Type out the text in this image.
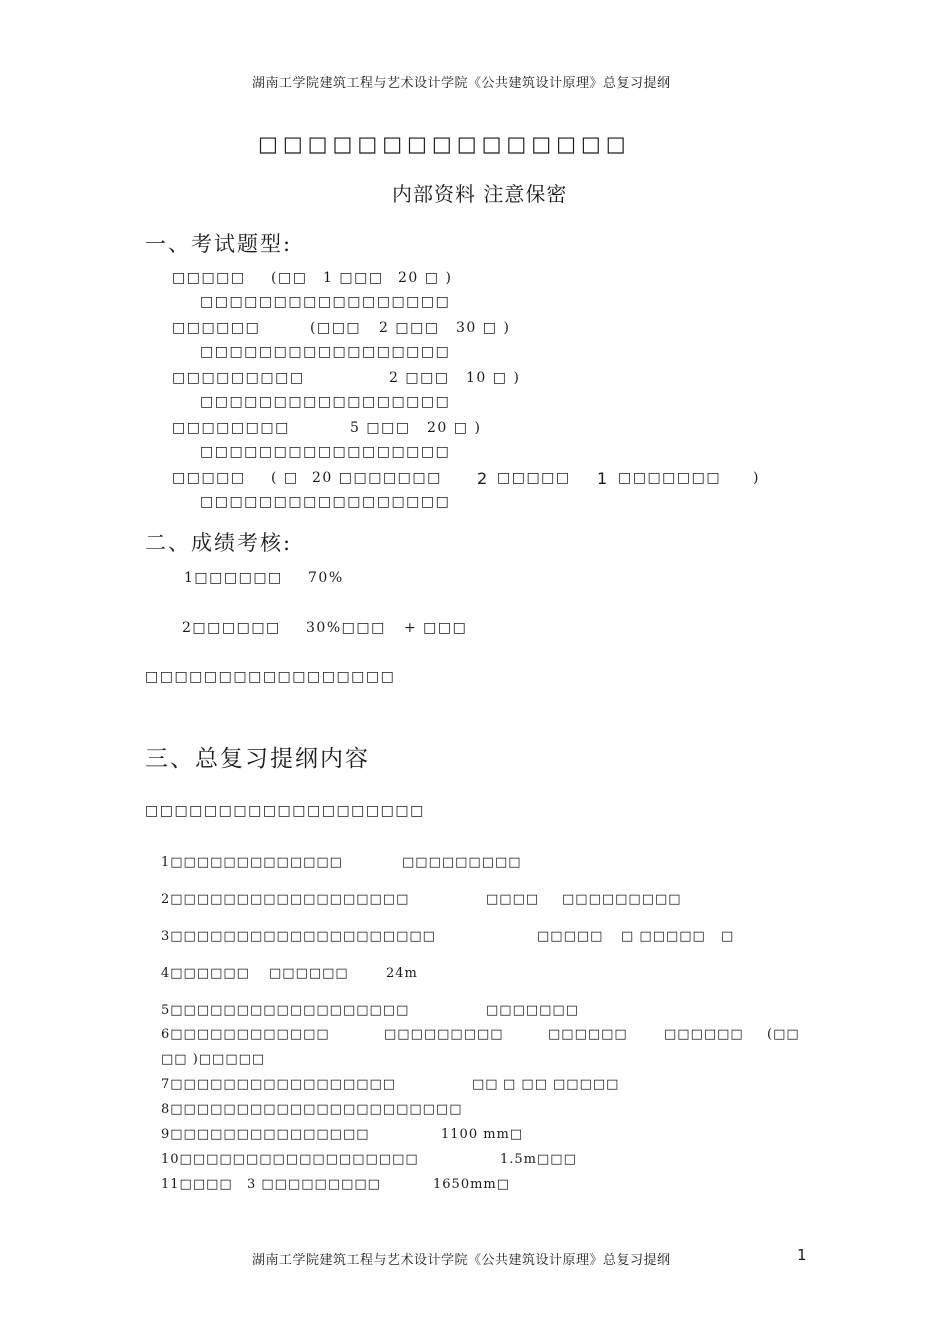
湖南工学院建筑工程与艺术设计学院《公共建筑设计原理》总复习提纲
□□□□□□□□□□□□□□□
内部资料 注意保密
一、考试题型:
□□□□□ (□□ 1 □□□ 20 □ )
□□□□□□□□□□□□□□□□□
□□□□□□	(□□□ 2 □□□ 30 □ )
□□□□□□□□□□□□□□□□□
□□□□□□□□□	2 □□□ 10 □ )
□□□□□□□□□□□□□□□□□
□□□□□□□□	5 □□□ 20 □ )
□□□□□□□□□□□□□□□□□
□□□□□ ( □ 20 □□□□□□□ 2 □□□□□ 1 □□□□□□□ )
□□□□□□□□□□□□□□□□□
二、成绩考核:
1□□□□□□ 70%
2□□□□□□ 30%□□□ + □□□
□□□□□□□□□□□□□□□□□
三、总复习提纲内容
□□□□□□□□□□□□□□□□□□□
1□□□□□□□□□□□□□	□□□□□□□□□
2□□□□□□□□□□□□□□□□□□	□□□□ □□□□□□□□□
3□□□□□□□□□□□□□□□□□□□□	□□□□□ □ □□□□□ □
4□□□□□□ □□□□□□	24m
5□□□□□□□□□□□□□□□□□□	□□□□□□□
6□□□□□□□□□□□□	□□□□□□□□□	□□□□□□	□□□□□□ (□□
□□ )□□□□□
7□□□□□□□□□□□□□□□□□	□□ □ □□ □□□□□
8□□□□□□□□□□□□□□□□□□□□□□
9□□□□□□□□□□□□□□□	1100 mm□
10□□□□□□□□□□□□□□□□□□	1.5m□□□
11□□□□ 3 □□□□□□□□□	1650mm□
湖南工学院建筑工程与艺术设计学院《公共建筑设计原理》总复习提纲	1
